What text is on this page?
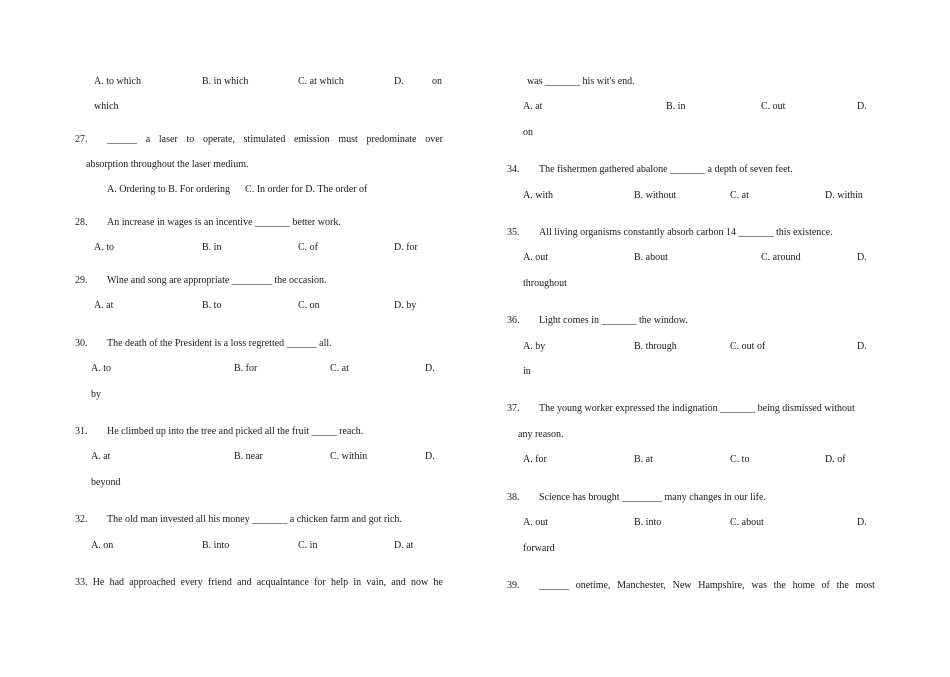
A. to which	B. in which	C. at which	D.	on
which
27. ______ a laser to operate, stimulated emission must predominate over
absorption throughout the laser medium.
A. Ordering to B. For ordering      C. In order for D. The order of
28. An increase in wages is an incentive _______ better work.
A. to	B. in	C. of	D. for
29. Wine and song are appropriate ________ the occasion.
A. at	B. to	C. on	D. by
30. The death of the President is a loss regretted ______ all.
A. to	B. for	C. at	D.
by
31. He climbed up into the tree and picked all the fruit _____ reach.
A. at	B. near	C. within	D.
beyond
32. The old man invested all his money _______ a chicken farm and got rich.
A. on	B. into	C. in	D. at
33. He had approached every friend and acquaintance for help in vain, and now he
was _______ his wit's end.
A. at	B. in	C. out	D.
on
34. The fishermen gathered abalone _______ a depth of seven feet.
A. with	B. without	C. at	D. within
35. All living organisms constantly absorb carbon 14 _______ this existence.
A. out	B. about	C. around	D.
throughout
36. Light comes in _______ the window.
A. by	B. through	C. out of	D.
in
37. The young worker expressed the indignation _______ being dismissed without
any reason.
A. for	B. at	C. to	D. of
38. Science has brought ________ many changes in our life.
A. out	B. into	C. about	D.
forward
39. ______ onetime, Manchester, New Hampshire, was the home of the most
